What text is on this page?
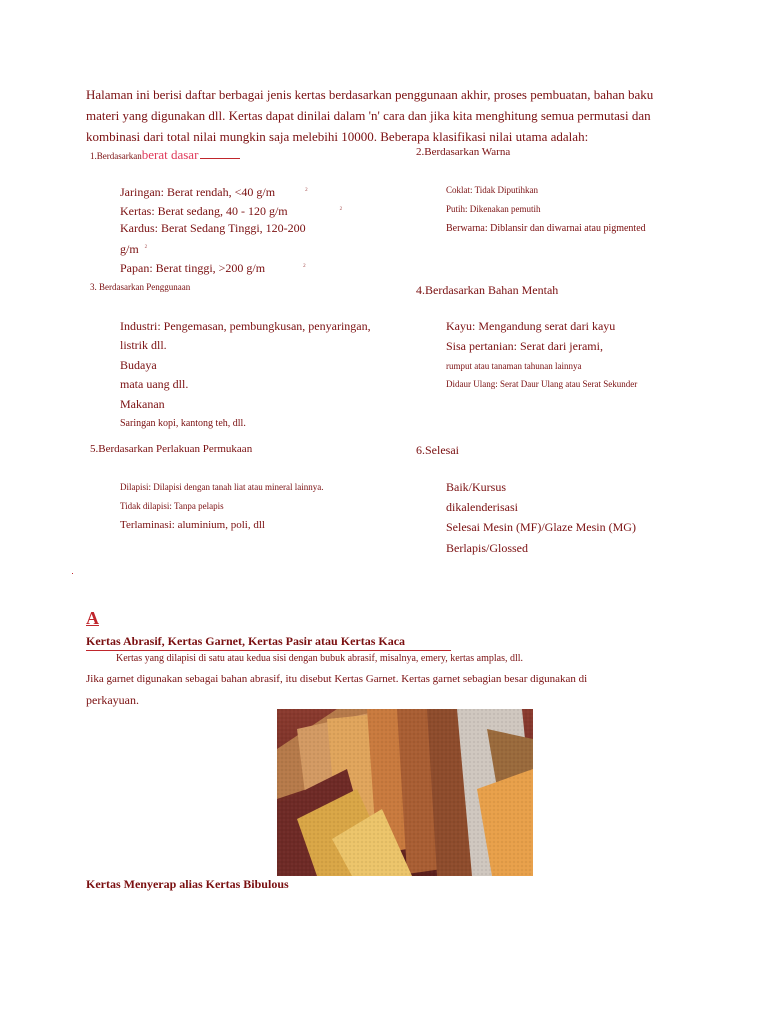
Halaman ini berisi daftar berbagai jenis kertas berdasarkan penggunaan akhir, proses pembuatan, bahan baku
materi yang digunakan dll. Kertas dapat dinilai dalam 'n' cara dan jika kita menghitung semua permutasi dan
kombinasi dari total nilai mungkin saja melebihi 10000. Beberapa klasifikasi nilai utama adalah:
1.Berdasarkanberat dasar
Jaringan: Berat rendah, <40 g/m	$^2$
Kertas: Berat sedang, 40 - 120 g/m	$^2$
Kardus: Berat Sedang Tinggi, 120-200
g/m $^2$
Papan: Berat tinggi, >200 g/m	$^2$
2.Berdasarkan Warna
Coklat: Tidak Diputihkan
Putih: Dikenakan pemutih
Berwarna: Diblansir dan diwarnai atau pigmented
3. Berdasarkan Penggunaan
Industri: Pengemasan, pembungkusan, penyaringan,
listrik dll.
Budaya
mata uang dll.
Makanan
Saringan kopi, kantong teh, dll.
4.Berdasarkan Bahan Mentah
Kayu: Mengandung serat dari kayu
Sisa pertanian: Serat dari jerami,
rumput atau tanaman tahunan lainnya
Didaur Ulang: Serat Daur Ulang atau Serat Sekunder
5.Berdasarkan Perlakuan Permukaan
Dilapisi: Dilapisi dengan tanah liat atau mineral lainnya.
Tidak dilapisi: Tanpa pelapis
Terlaminasi: aluminium, poli, dll
6.Selesai
Baik/Kursus
dikalenderisasi
Selesai Mesin (MF)/Glaze Mesin (MG)
Berlapis/Glossed
A
Kertas Abrasif, Kertas Garnet, Kertas Pasir atau Kertas Kaca
Kertas yang dilapisi di satu atau kedua sisi dengan bubuk abrasif, misalnya, emery, kertas amplas, dll.
Jika garnet digunakan sebagai bahan abrasif, itu disebut Kertas Garnet. Kertas garnet sebagian besar digunakan di
perkayuan.
Kertas Menyerap alias Kertas Bibulous
